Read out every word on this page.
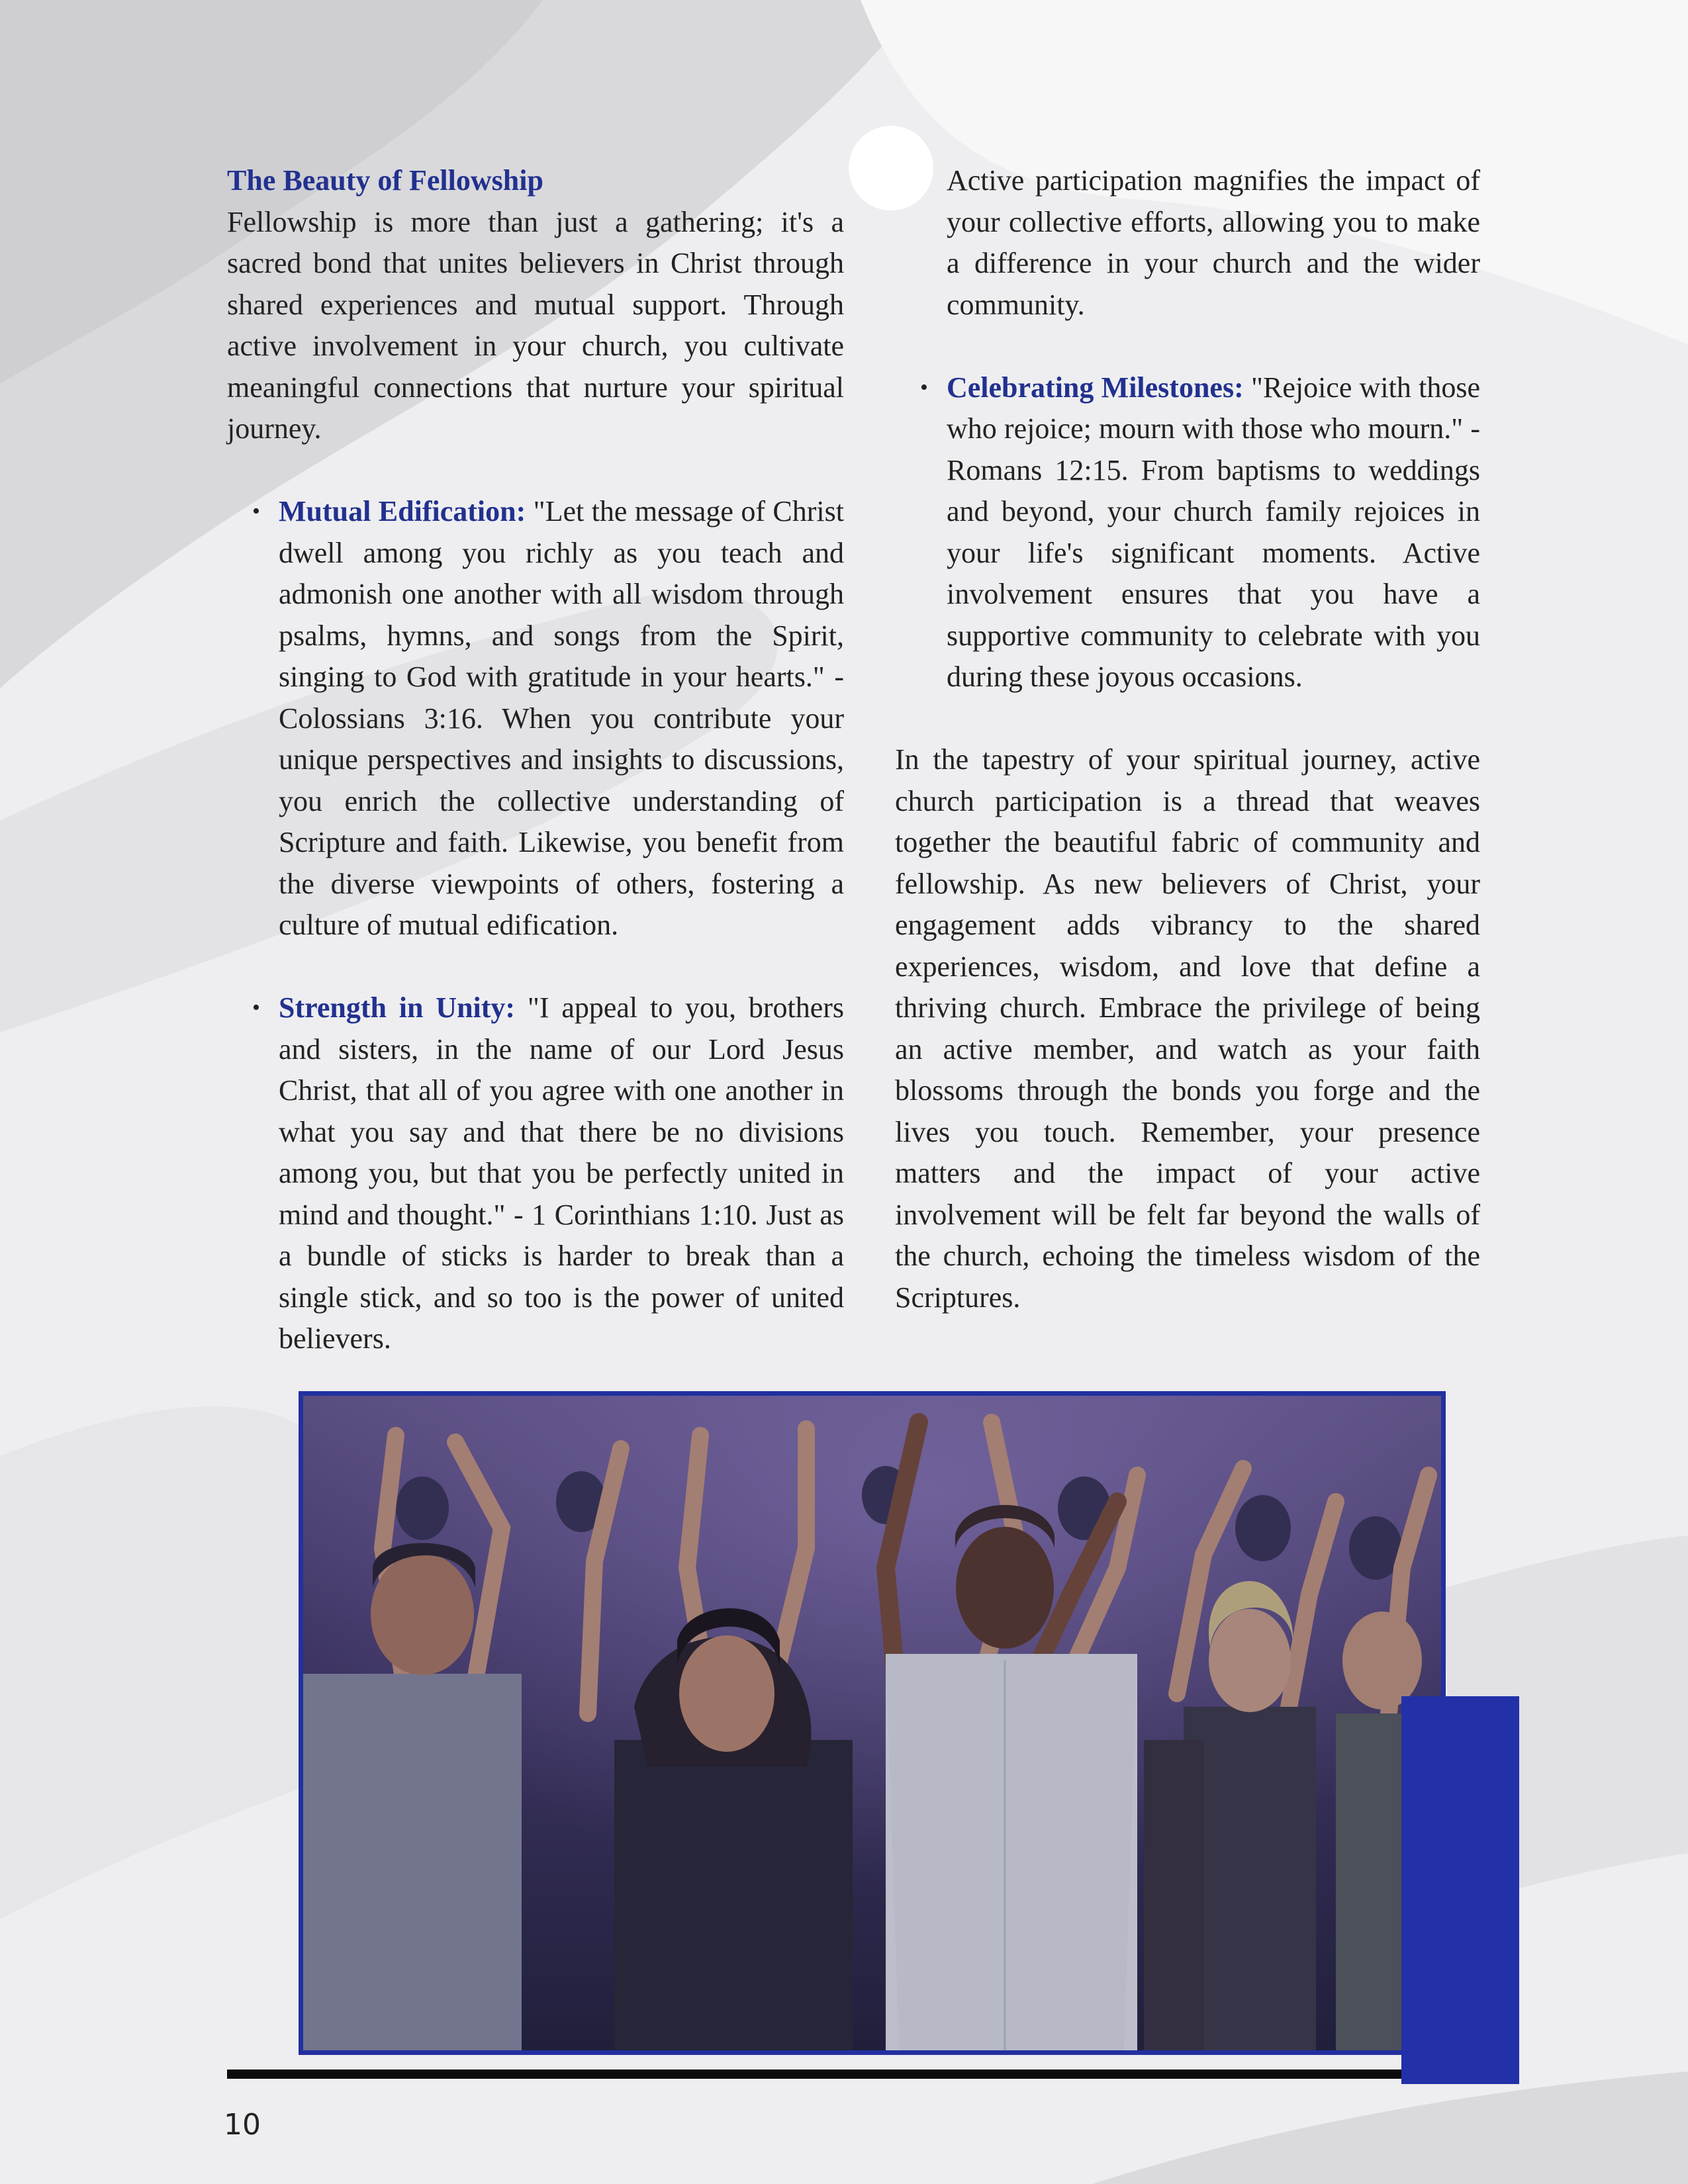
The Beauty of Fellowship

Fellowship is more than just a gathering; it's a sacred bond that unites believers in Christ through shared experiences and mutual support. Through active involvement in your church, you cultivate meaningful connections that nurture your spiritual journey.

• Mutual Edification: "Let the message of Christ dwell among you richly as you teach and admonish one another with all wisdom through psalms, hymns, and songs from the Spirit, singing to God with gratitude in your hearts." - Colossians 3:16. When you contribute your unique perspectives and insights to discussions, you enrich the collective understanding of Scripture and faith. Likewise, you benefit from the diverse viewpoints of others, fostering a culture of mutual edification.
• Strength in Unity: "I appeal to you, brothers and sisters, in the name of our Lord Jesus Christ, that all of you agree with one another in what you say and that there be no divisions among you, but that you be perfectly united in mind and thought." - 1 Corinthians 1:10. Just as a bundle of sticks is harder to break than a single stick, and so too is the power of united believers.

Active participation magnifies the impact of your collective efforts, allowing you to make a difference in your church and the wider community.

• Celebrating Milestones: "Rejoice with those who rejoice; mourn with those who mourn." - Romans 12:15. From baptisms to weddings and beyond, your church family rejoices in your life's significant moments. Active involvement ensures that you have a supportive community to celebrate with you during these joyous occasions.

In the tapestry of your spiritual journey, active church participation is a thread that weaves together the beautiful fabric of community and fellowship. As new believers of Christ, your engagement adds vibrancy to the shared experiences, wisdom, and love that define a thriving church. Embrace the privilege of being an active member, and watch as your faith blossoms through the bonds you forge and the lives you touch. Remember, your presence matters and the impact of your active involvement will be felt far beyond the walls of the church, echoing the timeless wisdom of the Scriptures.

10
